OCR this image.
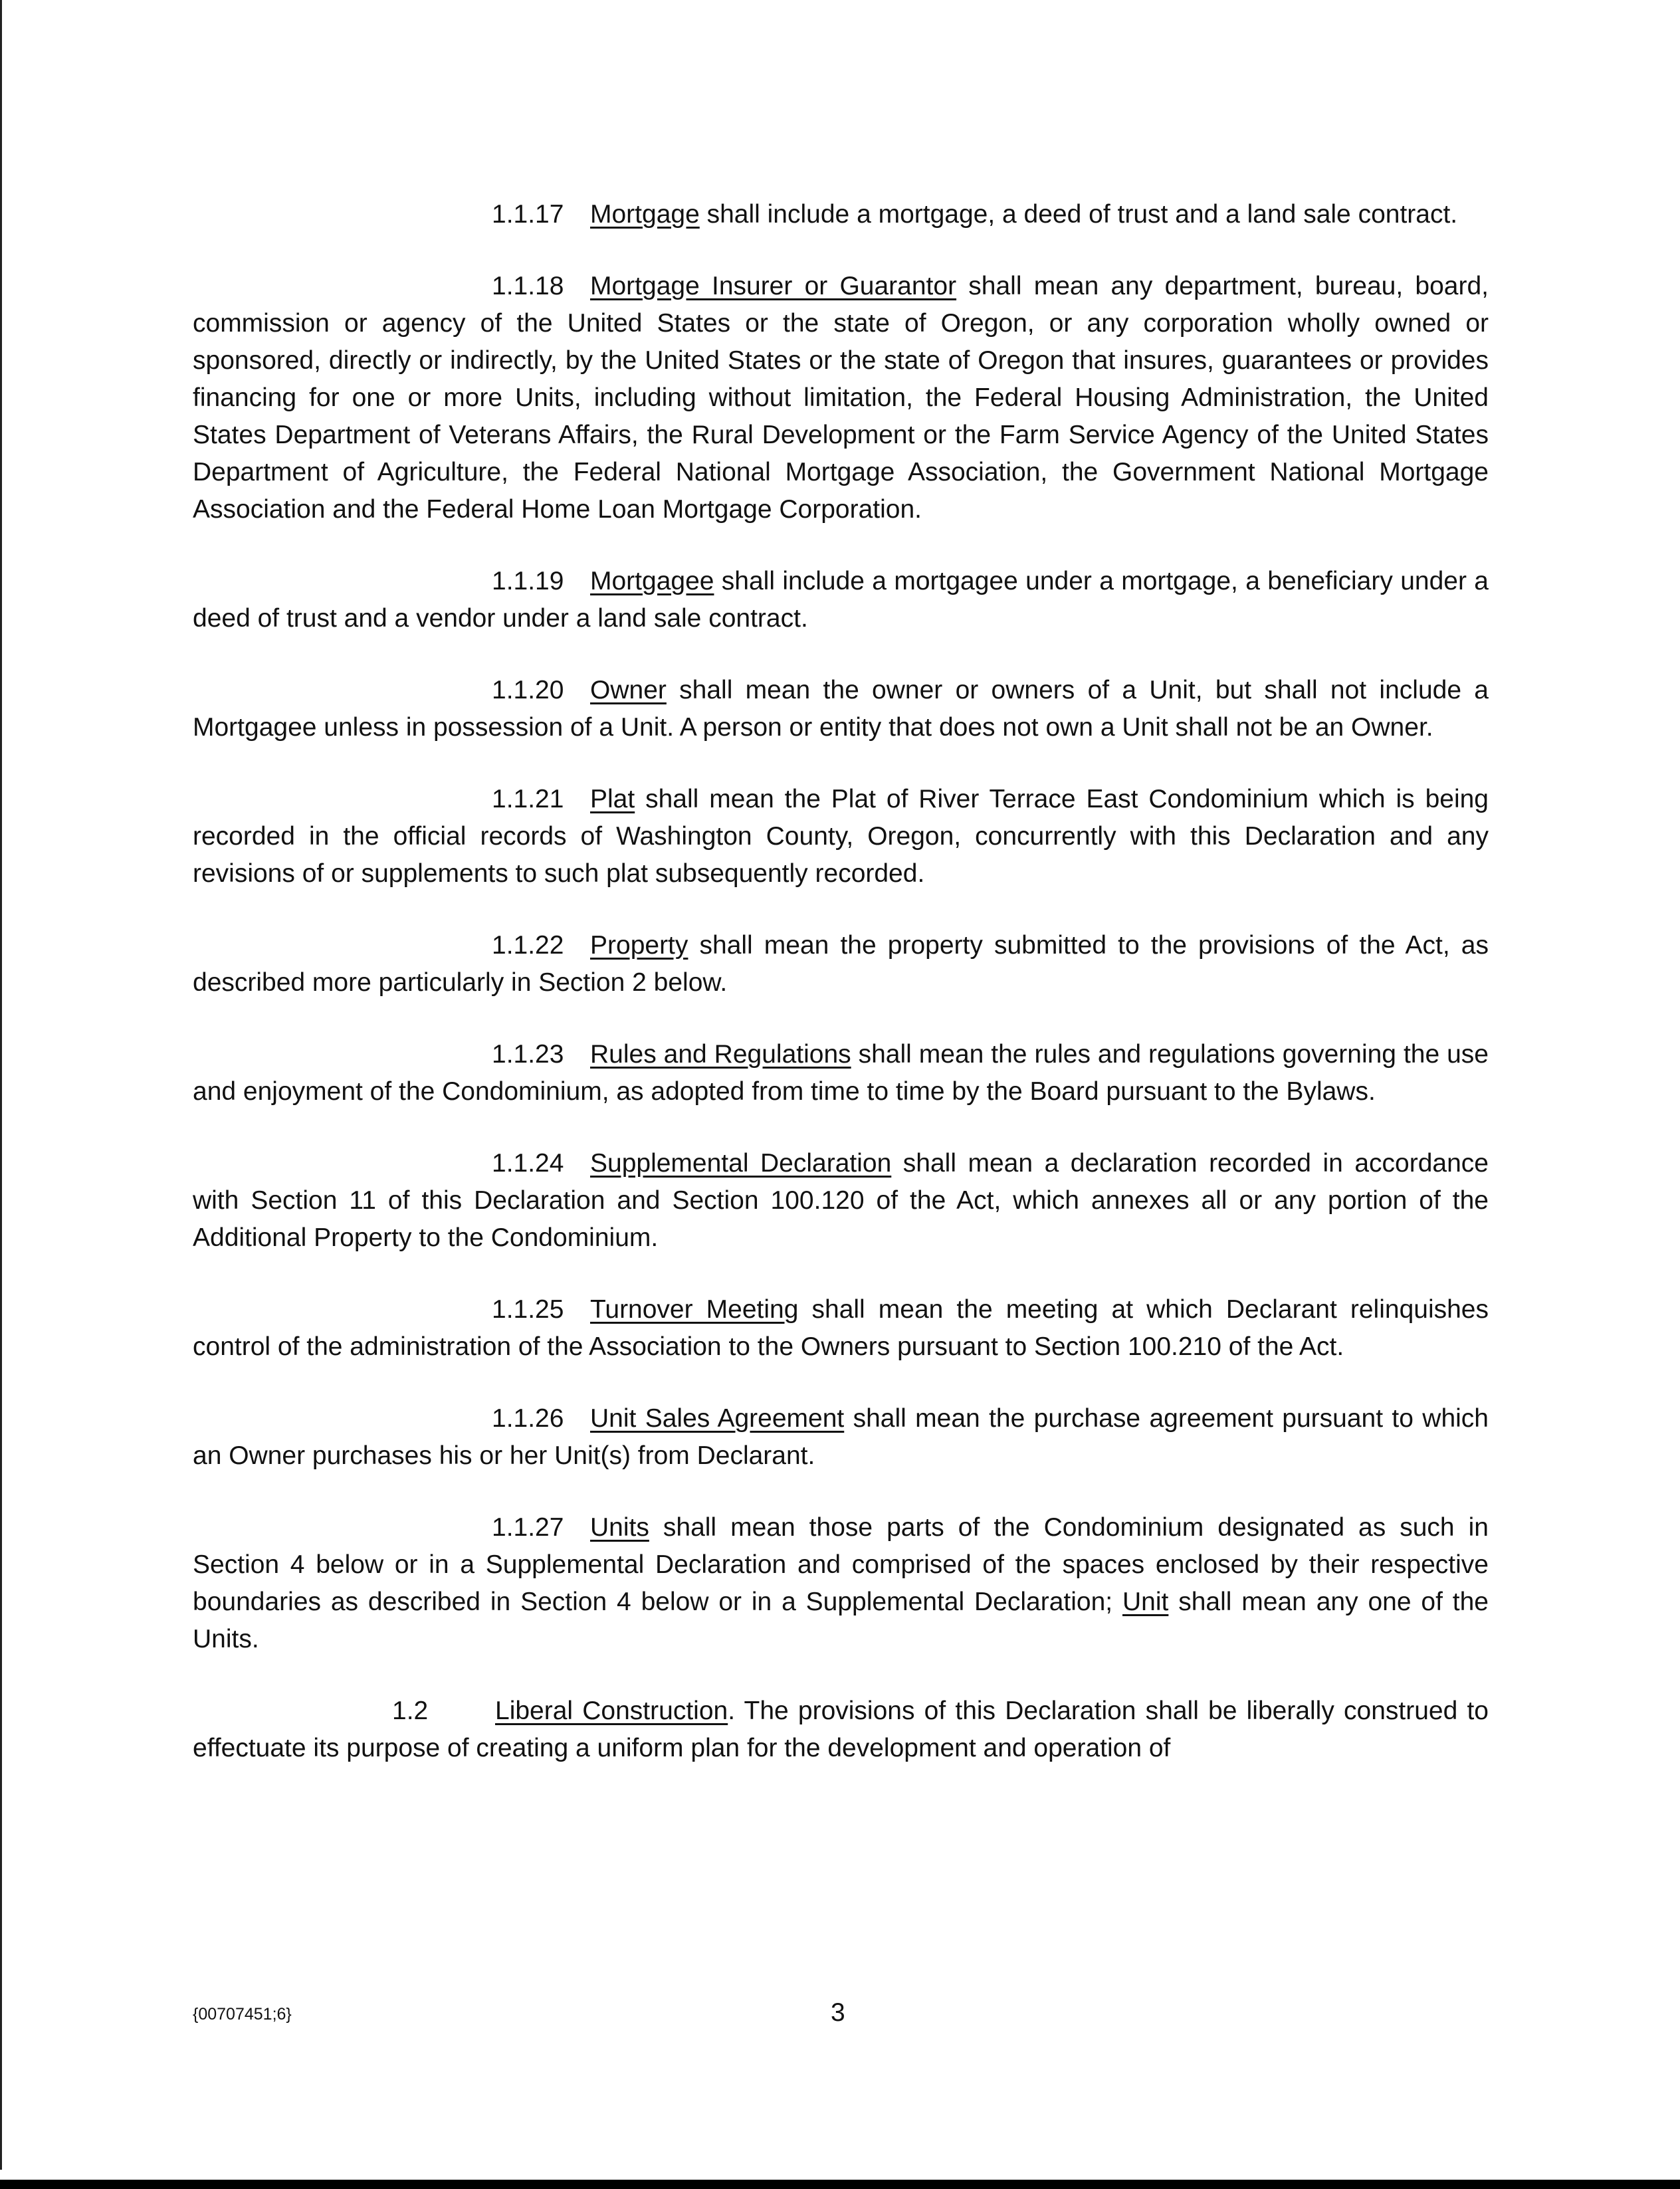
1.1.17 Mortgage shall include a mortgage, a deed of trust and a land sale contract.

1.1.18 Mortgage Insurer or Guarantor shall mean any department, bureau, board, commission or agency of the United States or the state of Oregon, or any corporation wholly owned or sponsored, directly or indirectly, by the United States or the state of Oregon that insures, guarantees or provides financing for one or more Units, including without limitation, the Federal Housing Administration, the United States Department of Veterans Affairs, the Rural Development or the Farm Service Agency of the United States Department of Agriculture, the Federal National Mortgage Association, the Government National Mortgage Association and the Federal Home Loan Mortgage Corporation.

1.1.19 Mortgagee shall include a mortgagee under a mortgage, a beneficiary under a deed of trust and a vendor under a land sale contract.

1.1.20 Owner shall mean the owner or owners of a Unit, but shall not include a Mortgagee unless in possession of a Unit. A person or entity that does not own a Unit shall not be an Owner.

1.1.21 Plat shall mean the Plat of River Terrace East Condominium which is being recorded in the official records of Washington County, Oregon, concurrently with this Declaration and any revisions of or supplements to such plat subsequently recorded.

1.1.22 Property shall mean the property submitted to the provisions of the Act, as described more particularly in Section 2 below.

1.1.23 Rules and Regulations shall mean the rules and regulations governing the use and enjoyment of the Condominium, as adopted from time to time by the Board pursuant to the Bylaws.

1.1.24 Supplemental Declaration shall mean a declaration recorded in accordance with Section 11 of this Declaration and Section 100.120 of the Act, which annexes all or any portion of the Additional Property to the Condominium.

1.1.25 Turnover Meeting shall mean the meeting at which Declarant relinquishes control of the administration of the Association to the Owners pursuant to Section 100.210 of the Act.

1.1.26 Unit Sales Agreement shall mean the purchase agreement pursuant to which an Owner purchases his or her Unit(s) from Declarant.

1.1.27 Units shall mean those parts of the Condominium designated as such in Section 4 below or in a Supplemental Declaration and comprised of the spaces enclosed by their respective boundaries as described in Section 4 below or in a Supplemental Declaration; Unit shall mean any one of the Units.

1.2	Liberal Construction. The provisions of this Declaration shall be liberally construed to effectuate its purpose of creating a uniform plan for the development and operation of

{00707451;6}	3
